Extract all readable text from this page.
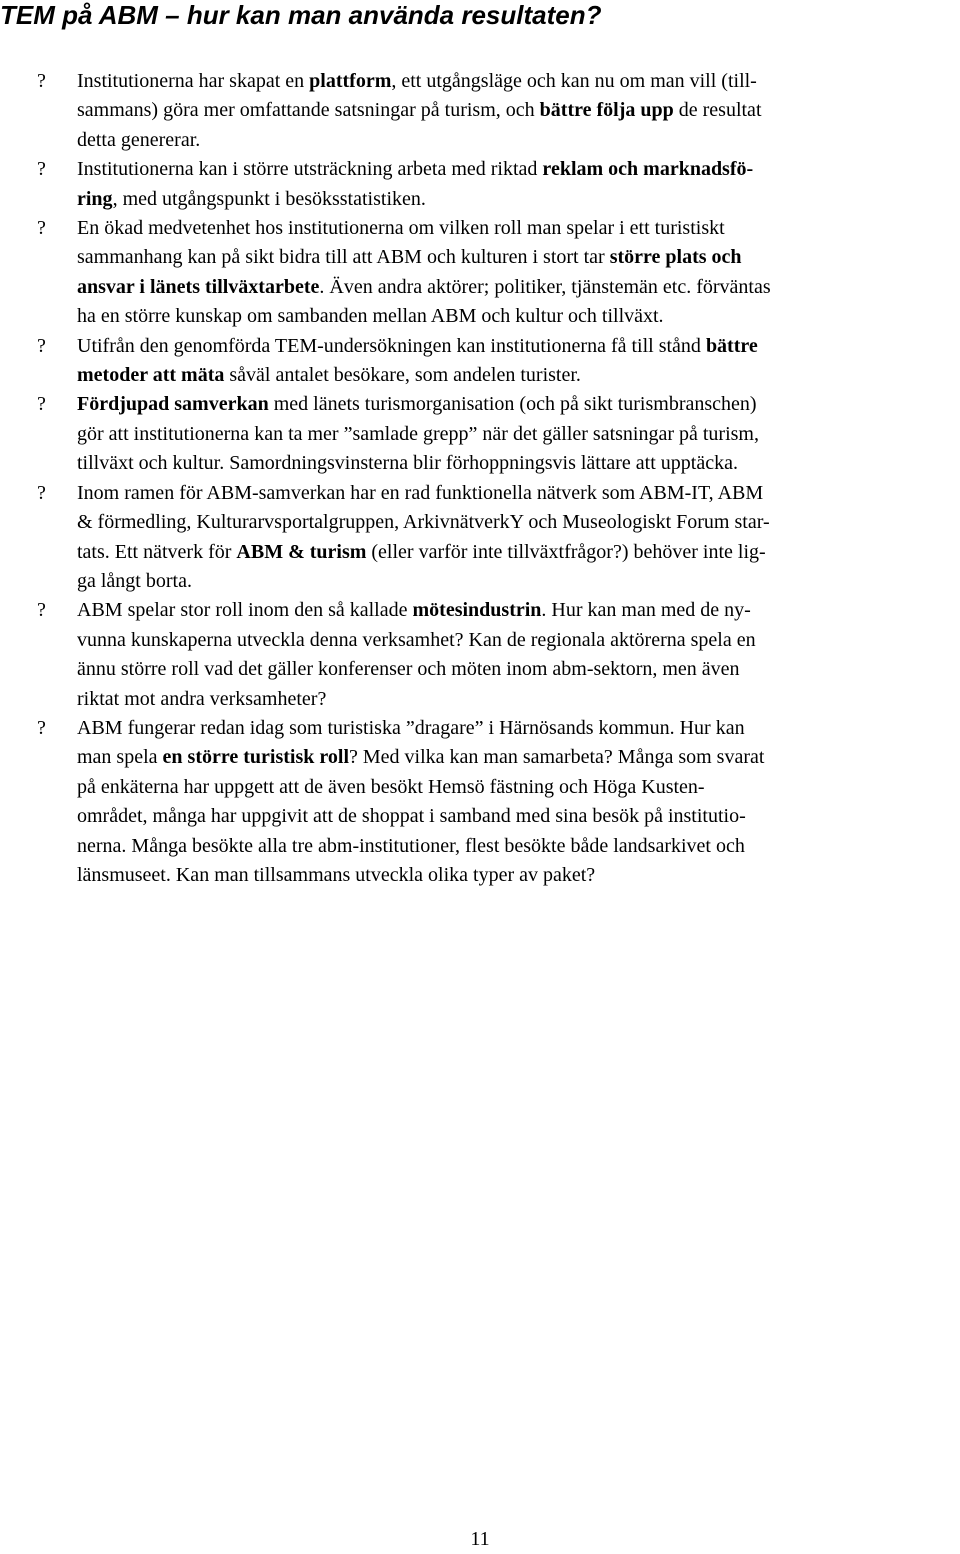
TEM på ABM – hur kan man använda resultaten?
? Institutionerna har skapat en plattform, ett utgångsläge och kan nu om man vill (till-
sammans) göra mer omfattande satsningar på turism, och bättre följa upp de resultat
detta genererar.
? Institutionerna kan i större utsträckning arbeta med riktad reklam och marknadsfö-
ring, med utgångspunkt i besöksstatistiken.
? En ökad medvetenhet hos institutionerna om vilken roll man spelar i ett turistiskt
sammanhang kan på sikt bidra till att ABM och kulturen i stort tar större plats och
ansvar i länets tillväxtarbete. Även andra aktörer; politiker, tjänstemän etc. förväntas
ha en större kunskap om sambanden mellan ABM och kultur och tillväxt.
? Utifrån den genomförda TEM-undersökningen kan institutionerna få till stånd bättre
metoder att mäta såväl antalet besökare, som andelen turister.
? Fördjupad samverkan med länets turismorganisation (och på sikt turismbranschen)
gör att institutionerna kan ta mer ”samlade grepp” när det gäller satsningar på turism,
tillväxt och kultur. Samordningsvinsterna blir förhoppningsvis lättare att upptäcka.
? Inom ramen för ABM-samverkan har en rad funktionella nätverk som ABM-IT, ABM
& förmedling, Kulturarvsportalgruppen, ArkivnätverkY och Museologiskt Forum star-
tats. Ett nätverk för ABM & turism (eller varför inte tillväxtfrågor?) behöver inte lig-
ga långt borta.
? ABM spelar stor roll inom den så kallade mötesindustrin. Hur kan man med de ny-
vunna kunskaperna utveckla denna verksamhet? Kan de regionala aktörerna spela en
ännu större roll vad det gäller konferenser och möten inom abm-sektorn, men även
riktat mot andra verksamheter?
? ABM fungerar redan idag som turistiska ”dragare” i Härnösands kommun. Hur kan
man spela en större turistisk roll? Med vilka kan man samarbeta? Många som svarat
på enkäterna har uppgett att de även besökt Hemsö fästning och Höga Kusten-
området, många har uppgivit att de shoppat i samband med sina besök på institutio-
nerna. Många besökte alla tre abm-institutioner, flest besökte både landsarkivet och
länsmuseet. Kan man tillsammans utveckla olika typer av paket?
11
